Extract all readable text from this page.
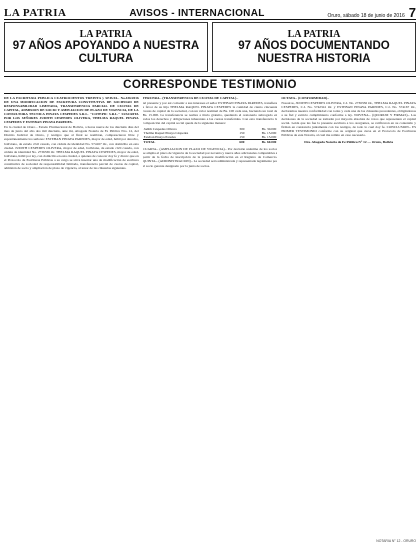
LA PATRIA	AVISOS - INTERNACIONAL	Oruro, sábado 18 de junio de 2016 7
LA PATRIA
97 AÑOS APOYANDO A NUESTRA CULTURA
LA PATRIA
97 AÑOS DOCUMENTANDO NUESTRA HISTORIA
CORRESPONDE TESTIMONIO

DE LA ESCRITURA PUBLICA CUATROCIENTOS TREINTA y SEIS/16.- No.436/2016 DE UNA MODIFICACION DE ESCRITURA CONSTITUTIVA DE SOCIEDAD DE RESPONSABILIDAD LIMITADA, TRANSFERENCIA PARCIAL DE CUOTAS DE CAPITAL, ADMISION DE SOCIO Y AMPLIACION DE PLAZO DE VIGENCIA, DE LA CONSULTORA TECNICA PINAYA CESPEDES S.R.L. "COTEPIC S.R.L." SUSCRITA POR LOS SEÑORES JUDITH CESPEDES OLIVERA, THELMA RAQUEL PINAYA CESPEDES Y ESTEBAN PINAYA PAREDES.

En la ciudad de Oruro - Estado Plurinacional de Bolivia, a horas nueve de los dieciséis días del mes de junio del año dos mil dieciséis, ante mí, Abogada Notaria de Fe Pública Nro. 12, del Distrito Judicial de Oruro, y testigos que al final se nombran, comparecieron libre y espontáneamente los señores: ESTEBAN PINAYA PAREDES, mayor de edad, hábil por derecho, boliviano, de estado civil casado, con cédula de identidad No. 574167 Or., con domicilio en esta ciudad. JUDITH CESPEDES OLIVERA, mayor de edad, boliviana, de estado civil casada, con cédula de identidad No. 2736336 Or. THELMA RAQUEL PINAYA CESPEDES, mayor de edad, boliviana, hábil por ley, con domicilio en esta ciudad, a quienes de conocer doy fe y dicen: que en el Protocolo de Escrituras Públicas a su cargo se sirva insertar una de modificación de escritura constitutiva de sociedad de responsabilidad limitada, transferencia parcial de cuotas de capital, admisión de socio y ampliación de plazo de vigencia, al tenor de las cláusulas siguientes.

TERCERA.- (TRANSFERENCIA DE CUOTAS DE CAPITAL).-

Al presente y por así convenir a sus intereses el señor ESTEBAN PINAYA PAREDES, transfiere a favor de su hija THELMA RAQUEL PINAYA CESPEDES la cantidad de ciento cincuenta cuotas de capital de la sociedad, con un valor nominal de Bs. 100 cada una, haciendo un total de Bs. 15.000. La transferencia se realiza a título gratuito, quedando el cesionario subrogado en todos los derechos y obligaciones inherentes a las cuotas transferidas. Con esta transferencia la composición del capital social queda de la siguiente manera:

Judith Céspedes Olivera	300	Bs. 30.000
Thelma Raquel Pinaya Céspedes	150	Bs. 15.000
Esteban Pinaya Paredes	150	Bs. 15.000
TOTAL	600	Bs. 60.000

CUARTA.- (AMPLIACION DE PLAZO DE VIGENCIA).- Por decisión unánime de los socios se amplía el plazo de vigencia de la sociedad por noventa y nueve años adicionales computables a partir de la fecha de inscripción de la presente modificación en el Registro de Comercio. QUINTA.- (ADMINISTRACION).- La sociedad será administrada y representada legalmente por el socio gerente designado por la junta de socios.

OCTAVA.- (CONFORMIDAD).-

Nosotros, JUDITH CESPEDES OLIVERA, C.I. No. 2736336 Or., THELMA RAQUEL PINAYA CESPEDES, C.I. No. 5742341 Or. y ESTEBAN PINAYA PAREDES, C.I. No. 574167 Or., declaramos nuestra conformidad con todas y cada una de las cláusulas precedentes, obligándonos a su fiel y estricto cumplimiento conforme a ley. NOVENA.- (QUORUM Y FIRMAS).- Las decisiones de la sociedad se tomarán por mayoría absoluta de votos que representen el capital social. Leída que les fue la presente escritura a los otorgantes, se ratificaron en su contenido y firman en constancia juntamente con los testigos, de todo lo cual doy fe. CONCLUSION.- ES PRIMER TESTIMONIO conforme con su original que cursa en el Protocolo de Escrituras Públicas de esta Notaría, al cual me remito en caso necesario.

Dra. Abogada Notaria de Fe Pública N° 12 — Oruro, Bolivia

NOTARIA N° 12 - ORURO
